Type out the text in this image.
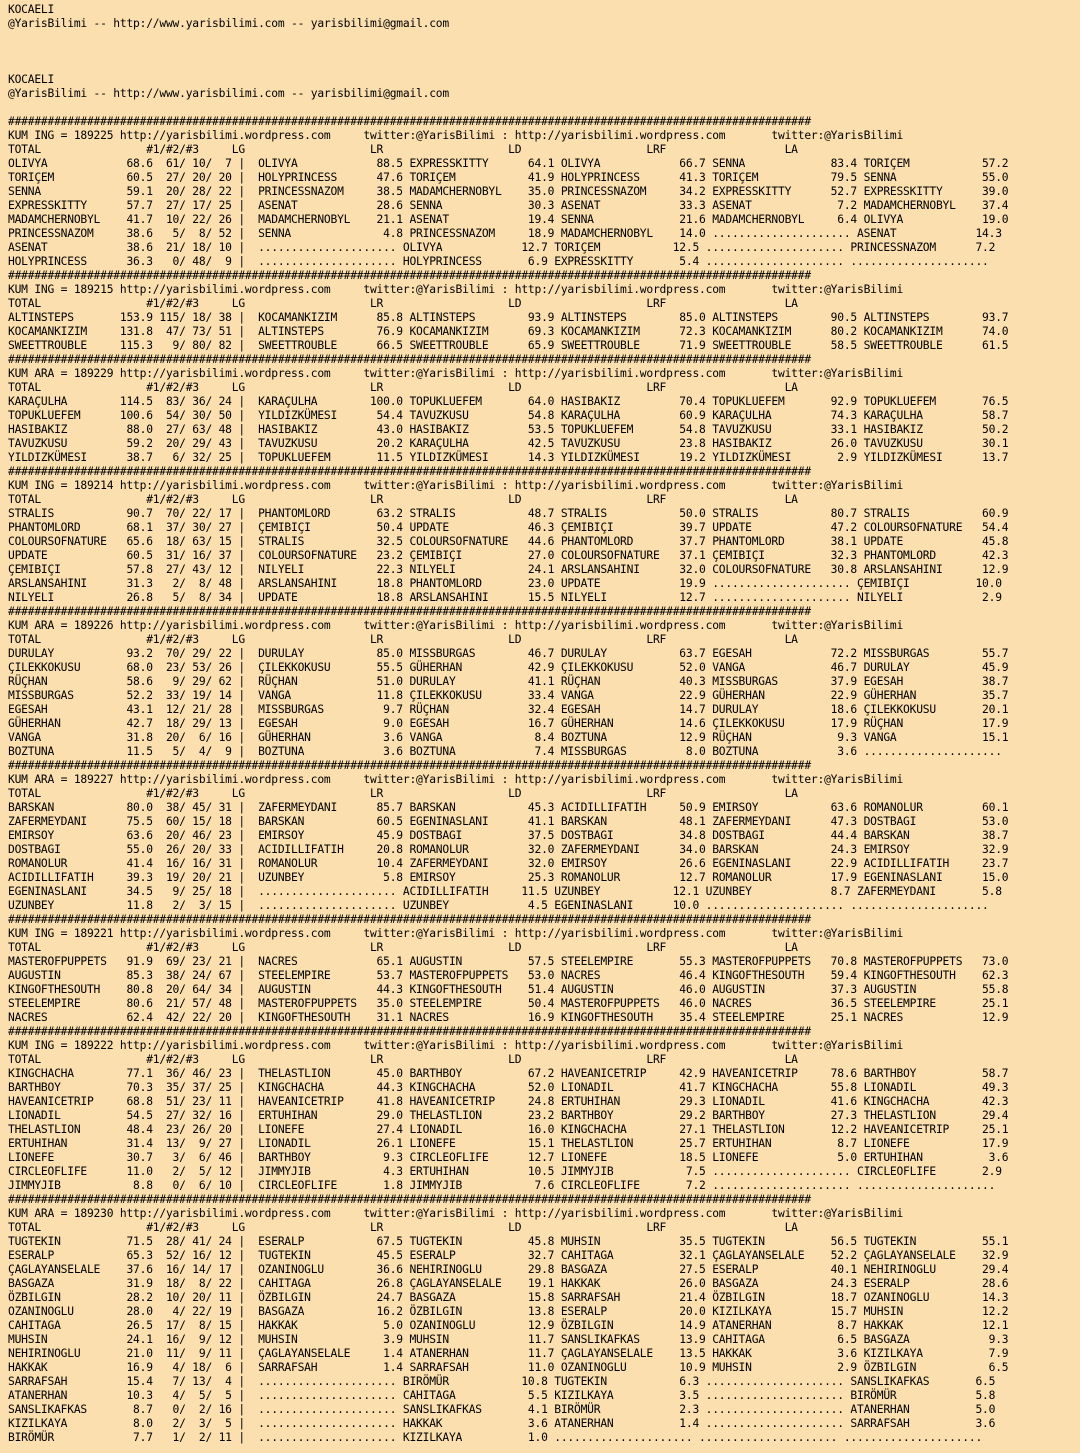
KOCAELI
@YarisBilimi -- http://www.yarisbilimi.com -- yarisbilimi@gmail.com
KOCAELI
@YarisBilimi -- http://www.yarisbilimi.com -- yarisbilimi@gmail.com
##########################################################################################################################
KUM ING = 189225 http://yarisbilimi.wordpress.com     twitter:@YarisBilimi : http://yarisbilimi.wordpress.com       twitter:@YarisBilimi
TOTAL                #1/#2/#3     LG                   LR                   LD                   LRF                  LA
OLIVYA            68.6  61/ 10/  7 |  OLIVYA            88.5 EXPRESSKITTY      64.1 OLIVYA            66.7 SENNA             83.4 TORIÇEM           57.2
TORIÇEM           60.5  27/ 20/ 20 |  HOLYPRINCESS      47.6 TORIÇEM           41.9 HOLYPRINCESS      41.3 TORIÇEM           79.5 SENNA             55.0
SENNA             59.1  20/ 28/ 22 |  PRINCESSNAZOM     38.5 MADAMCHERNOBYL    35.0 PRINCESSNAZOM     34.2 EXPRESSKITTY      52.7 EXPRESSKITTY      39.0
EXPRESSKITTY      57.7  27/ 17/ 25 |  ASENAT            28.6 SENNA             30.3 ASENAT            33.3 ASENAT             7.2 MADAMCHERNOBYL    37.4
MADAMCHERNOBYL    41.7  10/ 22/ 26 |  MADAMCHERNOBYL    21.1 ASENAT            19.4 SENNA             21.6 MADAMCHERNOBYL     6.4 OLIVYA            19.0
PRINCESSNAZOM     38.6   5/  8/ 52 |  SENNA              4.8 PRINCESSNAZOM     18.9 MADAMCHERNOBYL    14.0 ..................... ASENAT            14.3
ASENAT            38.6  21/ 18/ 10 |  ..................... OLIVYA            12.7 TORIÇEM           12.5 ..................... PRINCESSNAZOM      7.2
HOLYPRINCESS      36.3   0/ 48/  9 |  ..................... HOLYPRINCESS       6.9 EXPRESSKITTY       5.4 ..................... .....................
##########################################################################################################################
KUM ING = 189215 http://yarisbilimi.wordpress.com     twitter:@YarisBilimi : http://yarisbilimi.wordpress.com       twitter:@YarisBilimi
TOTAL                #1/#2/#3     LG                   LR                   LD                   LRF                  LA
ALTINSTEPS       153.9 115/ 18/ 38 |  KOCAMANKIZIM      85.8 ALTINSTEPS        93.9 ALTINSTEPS        85.0 ALTINSTEPS        90.5 ALTINSTEPS        93.7
KOCAMANKIZIM     131.8  47/ 73/ 51 |  ALTINSTEPS        76.9 KOCAMANKIZIM      69.3 KOCAMANKIZIM      72.3 KOCAMANKIZIM      80.2 KOCAMANKIZIM      74.0
SWEETTROUBLE     115.3   9/ 80/ 82 |  SWEETTROUBLE      66.5 SWEETTROUBLE      65.9 SWEETTROUBLE      71.9 SWEETTROUBLE      58.5 SWEETTROUBLE      61.5
##########################################################################################################################
KUM ARA = 189229 http://yarisbilimi.wordpress.com     twitter:@YarisBilimi : http://yarisbilimi.wordpress.com       twitter:@YarisBilimi
TOTAL                #1/#2/#3     LG                   LR                   LD                   LRF                  LA
KARAÇULHA        114.5  83/ 36/ 24 |  KARAÇULHA        100.0 TOPUKLUEFEM       64.0 HASIBAKIZ         70.4 TOPUKLUEFEM       92.9 TOPUKLUEFEM       76.5
TOPUKLUEFEM      100.6  54/ 30/ 50 |  YILDIZKÜMESI      54.4 TAVUZKUSU         54.8 KARAÇULHA         60.9 KARAÇULHA         74.3 KARAÇULHA         58.7
HASIBAKIZ         88.0  27/ 63/ 48 |  HASIBAKIZ         43.0 HASIBAKIZ         53.5 TOPUKLUEFEM       54.8 TAVUZKUSU         33.1 HASIBAKIZ         50.2
TAVUZKUSU         59.2  20/ 29/ 43 |  TAVUZKUSU         20.2 KARAÇULHA         42.5 TAVUZKUSU         23.8 HASIBAKIZ         26.0 TAVUZKUSU         30.1
YILDIZKÜMESI      38.7   6/ 32/ 25 |  TOPUKLUEFEM       11.5 YILDIZKÜMESI      14.3 YILDIZKÜMESI      19.2 YILDIZKÜMESI       2.9 YILDIZKÜMESI      13.7
##########################################################################################################################
KUM ING = 189214 http://yarisbilimi.wordpress.com     twitter:@YarisBilimi : http://yarisbilimi.wordpress.com       twitter:@YarisBilimi
TOTAL                #1/#2/#3     LG                   LR                   LD                   LRF                  LA
STRALIS           90.7  70/ 22/ 17 |  PHANTOMLORD       63.2 STRALIS           48.7 STRALIS           50.0 STRALIS           80.7 STRALIS           60.9
PHANTOMLORD       68.1  37/ 30/ 27 |  ÇEMIBIÇI          50.4 UPDATE            46.3 ÇEMIBIÇI          39.7 UPDATE            47.2 COLOURSOFNATURE   54.4
COLOURSOFNATURE   65.6  18/ 63/ 15 |  STRALIS           32.5 COLOURSOFNATURE   44.6 PHANTOMLORD       37.7 PHANTOMLORD       38.1 UPDATE            45.8
UPDATE            60.5  31/ 16/ 37 |  COLOURSOFNATURE   23.2 ÇEMIBIÇI          27.0 COLOURSOFNATURE   37.1 ÇEMIBIÇI          32.3 PHANTOMLORD       42.3
ÇEMIBIÇI          57.8  27/ 43/ 12 |  NILYELI           22.3 NILYELI           24.1 ARSLANSAHINI      32.0 COLOURSOFNATURE   30.8 ARSLANSAHINI      12.9
ARSLANSAHINI      31.3   2/  8/ 48 |  ARSLANSAHINI      18.8 PHANTOMLORD       23.0 UPDATE            19.9 ..................... ÇEMIBIÇI          10.0
NILYELI           26.8   5/  8/ 34 |  UPDATE            18.8 ARSLANSAHINI      15.5 NILYELI           12.7 ..................... NILYELI            2.9
##########################################################################################################################
KUM ARA = 189226 http://yarisbilimi.wordpress.com     twitter:@YarisBilimi : http://yarisbilimi.wordpress.com       twitter:@YarisBilimi
TOTAL                #1/#2/#3     LG                   LR                   LD                   LRF                  LA
DURULAY           93.2  70/ 29/ 22 |  DURULAY           85.0 MISSBURGAS        46.7 DURULAY           63.7 EGESAH            72.2 MISSBURGAS        55.7
ÇILEKKOKUSU       68.0  23/ 53/ 26 |  ÇILEKKOKUSU       55.5 GÜHERHAN          42.9 ÇILEKKOKUSU       52.0 VANGA             46.7 DURULAY           45.9
RÜÇHAN            58.6   9/ 29/ 62 |  RÜÇHAN            51.0 DURULAY           41.1 RÜÇHAN            40.3 MISSBURGAS        37.9 EGESAH            38.7
MISSBURGAS        52.2  33/ 19/ 14 |  VANGA             11.8 ÇILEKKOKUSU       33.4 VANGA             22.9 GÜHERHAN          22.9 GÜHERHAN          35.7
EGESAH            43.1  12/ 21/ 28 |  MISSBURGAS         9.7 RÜÇHAN            32.4 EGESAH            14.7 DURULAY           18.6 ÇILEKKOKUSU       20.1
GÜHERHAN          42.7  18/ 29/ 13 |  EGESAH             9.0 EGESAH            16.7 GÜHERHAN          14.6 ÇILEKKOKUSU       17.9 RÜÇHAN            17.9
VANGA             31.8  20/  6/ 16 |  GÜHERHAN           3.6 VANGA              8.4 BOZTUNA           12.9 RÜÇHAN             9.3 VANGA             15.1
BOZTUNA           11.5   5/  4/  9 |  BOZTUNA            3.6 BOZTUNA            7.4 MISSBURGAS         8.0 BOZTUNA            3.6 .....................
##########################################################################################################################
KUM ARA = 189227 http://yarisbilimi.wordpress.com     twitter:@YarisBilimi : http://yarisbilimi.wordpress.com       twitter:@YarisBilimi
TOTAL                #1/#2/#3     LG                   LR                   LD                   LRF                  LA
BARSKAN           80.0  38/ 45/ 31 |  ZAFERMEYDANI      85.7 BARSKAN           45.3 ACIDILLIFATIH     50.9 EMIRSOY           63.6 ROMANOLUR         60.1
ZAFERMEYDANI      75.5  60/ 15/ 18 |  BARSKAN           60.5 EGENINASLANI      41.1 BARSKAN           48.1 ZAFERMEYDANI      47.3 DOSTBAGI          53.0
EMIRSOY           63.6  20/ 46/ 23 |  EMIRSOY           45.9 DOSTBAGI          37.5 DOSTBAGI          34.8 DOSTBAGI          44.4 BARSKAN           38.7
DOSTBAGI          55.0  26/ 20/ 33 |  ACIDILLIFATIH     20.8 ROMANOLUR         32.0 ZAFERMEYDANI      34.0 BARSKAN           24.3 EMIRSOY           32.9
ROMANOLUR         41.4  16/ 16/ 31 |  ROMANOLUR         10.4 ZAFERMEYDANI      32.0 EMIRSOY           26.6 EGENINASLANI      22.9 ACIDILLIFATIH     23.7
ACIDILLIFATIH     39.3  19/ 20/ 21 |  UZUNBEY            5.8 EMIRSOY           25.3 ROMANOLUR         12.7 ROMANOLUR         17.9 EGENINASLANI      15.0
EGENINASLANI      34.5   9/ 25/ 18 |  ..................... ACIDILLIFATIH     11.5 UZUNBEY           12.1 UZUNBEY            8.7 ZAFERMEYDANI       5.8
UZUNBEY           11.8   2/  3/ 15 |  ..................... UZUNBEY            4.5 EGENINASLANI      10.0 ..................... .....................
##########################################################################################################################
KUM ING = 189221 http://yarisbilimi.wordpress.com     twitter:@YarisBilimi : http://yarisbilimi.wordpress.com       twitter:@YarisBilimi
TOTAL                #1/#2/#3     LG                   LR                   LD                   LRF                  LA
MASTEROFPUPPETS   91.9  69/ 23/ 21 |  NACRES            65.1 AUGUSTIN          57.5 STEELEMPIRE       55.3 MASTEROFPUPPETS   70.8 MASTEROFPUPPETS   73.0
AUGUSTIN          85.3  38/ 24/ 67 |  STEELEMPIRE       53.7 MASTEROFPUPPETS   53.0 NACRES            46.4 KINGOFTHESOUTH    59.4 KINGOFTHESOUTH    62.3
KINGOFTHESOUTH    80.8  20/ 64/ 34 |  AUGUSTIN          44.3 KINGOFTHESOUTH    51.4 AUGUSTIN          46.0 AUGUSTIN          37.3 AUGUSTIN          55.8
STEELEMPIRE       80.6  21/ 57/ 48 |  MASTEROFPUPPETS   35.0 STEELEMPIRE       50.4 MASTEROFPUPPETS   46.0 NACRES            36.5 STEELEMPIRE       25.1
NACRES            62.4  42/ 22/ 20 |  KINGOFTHESOUTH    31.1 NACRES            16.9 KINGOFTHESOUTH    35.4 STEELEMPIRE       25.1 NACRES            12.9
##########################################################################################################################
KUM ING = 189222 http://yarisbilimi.wordpress.com     twitter:@YarisBilimi : http://yarisbilimi.wordpress.com       twitter:@YarisBilimi
TOTAL                #1/#2/#3     LG                   LR                   LD                   LRF                  LA
KINGCHACHA        77.1  36/ 46/ 23 |  THELASTLION       45.0 BARTHBOY          67.2 HAVEANICETRIP     42.9 HAVEANICETRIP     78.6 BARTHBOY          58.7
BARTHBOY          70.3  35/ 37/ 25 |  KINGCHACHA        44.3 KINGCHACHA        52.0 LIONADIL          41.7 KINGCHACHA        55.8 LIONADIL          49.3
HAVEANICETRIP     68.8  51/ 23/ 11 |  HAVEANICETRIP     41.8 HAVEANICETRIP     24.8 ERTUHIHAN         29.3 LIONADIL          41.6 KINGCHACHA        42.3
LIONADIL          54.5  27/ 32/ 16 |  ERTUHIHAN         29.0 THELASTLION       23.2 BARTHBOY          29.2 BARTHBOY          27.3 THELASTLION       29.4
THELASTLION       48.4  23/ 26/ 20 |  LIONEFE           27.4 LIONADIL          16.0 KINGCHACHA        27.1 THELASTLION       12.2 HAVEANICETRIP     25.1
ERTUHIHAN         31.4  13/  9/ 27 |  LIONADIL          26.1 LIONEFE           15.1 THELASTLION       25.7 ERTUHIHAN          8.7 LIONEFE           17.9
LIONEFE           30.7   3/  6/ 46 |  BARTHBOY           9.3 CIRCLEOFLIFE      12.7 LIONEFE           18.5 LIONEFE            5.0 ERTUHIHAN          3.6
CIRCLEOFLIFE      11.0   2/  5/ 12 |  JIMMYJIB           4.3 ERTUHIHAN         10.5 JIMMYJIB           7.5 ..................... CIRCLEOFLIFE       2.9
JIMMYJIB           8.8   0/  6/ 10 |  CIRCLEOFLIFE       1.8 JIMMYJIB           7.6 CIRCLEOFLIFE       7.2 ..................... .....................
##########################################################################################################################
KUM ARA = 189230 http://yarisbilimi.wordpress.com     twitter:@YarisBilimi : http://yarisbilimi.wordpress.com       twitter:@YarisBilimi
TOTAL                #1/#2/#3     LG                   LR                   LD                   LRF                  LA
TUGTEKIN          71.5  28/ 41/ 24 |  ESERALP           67.5 TUGTEKIN          45.8 MUHSIN            35.5 TUGTEKIN          56.5 TUGTEKIN          55.1
ESERALP           65.3  52/ 16/ 12 |  TUGTEKIN          45.5 ESERALP           32.7 CAHITAGA          32.1 ÇAGLAYANSELALE    52.2 ÇAGLAYANSELALE    32.9
ÇAGLAYANSELALE    37.6  16/ 14/ 17 |  OZANINOGLU        36.6 NEHIRINOGLU       29.8 BASGAZA           27.5 ESERALP           40.1 NEHIRINOGLU       29.4
BASGAZA           31.9  18/  8/ 22 |  CAHITAGA          26.8 ÇAGLAYANSELALE    19.1 HAKKAK            26.0 BASGAZA           24.3 ESERALP           28.6
ÖZBILGIN          28.2  10/ 20/ 11 |  ÖZBILGIN          24.7 BASGAZA           15.8 SARRAFSAH         21.4 ÖZBILGIN          18.7 OZANINOGLU        14.3
OZANINOGLU        28.0   4/ 22/ 19 |  BASGAZA           16.2 ÖZBILGIN          13.8 ESERALP           20.0 KIZILKAYA         15.7 MUHSIN            12.2
CAHITAGA          26.5  17/  8/ 15 |  HAKKAK             5.0 OZANINOGLU        12.9 ÖZBILGIN          14.9 ATANERHAN          8.7 HAKKAK            12.1
MUHSIN            24.1  16/  9/ 12 |  MUHSIN             3.9 MUHSIN            11.7 SANSLIKAFKAS      13.9 CAHITAGA           6.5 BASGAZA            9.3
NEHIRINOGLU       21.0  11/  9/ 11 |  ÇAGLAYANSELALE     1.4 ATANERHAN         11.7 ÇAGLAYANSELALE    13.5 HAKKAK             3.6 KIZILKAYA          7.9
HAKKAK            16.9   4/ 18/  6 |  SARRAFSAH          1.4 SARRAFSAH         11.0 OZANINOGLU        10.9 MUHSIN             2.9 ÖZBILGIN           6.5
SARRAFSAH         15.4   7/ 13/  4 |  ..................... BIRÖMÜR           10.8 TUGTEKIN           6.3 ..................... SANSLIKAFKAS       6.5
ATANERHAN         10.3   4/  5/  5 |  ..................... CAHITAGA           5.5 KIZILKAYA          3.5 ..................... BIRÖMÜR            5.8
SANSLIKAFKAS       8.7   0/  2/ 16 |  ..................... SANSLIKAFKAS       4.1 BIRÖMÜR            2.3 ..................... ATANERHAN          5.0
KIZILKAYA          8.0   2/  3/  5 |  ..................... HAKKAK             3.6 ATANERHAN          1.4 ..................... SARRAFSAH          3.6
BIRÖMÜR            7.7   1/  2/ 11 |  ..................... KIZILKAYA          1.0 ..................... ..................... .....................
